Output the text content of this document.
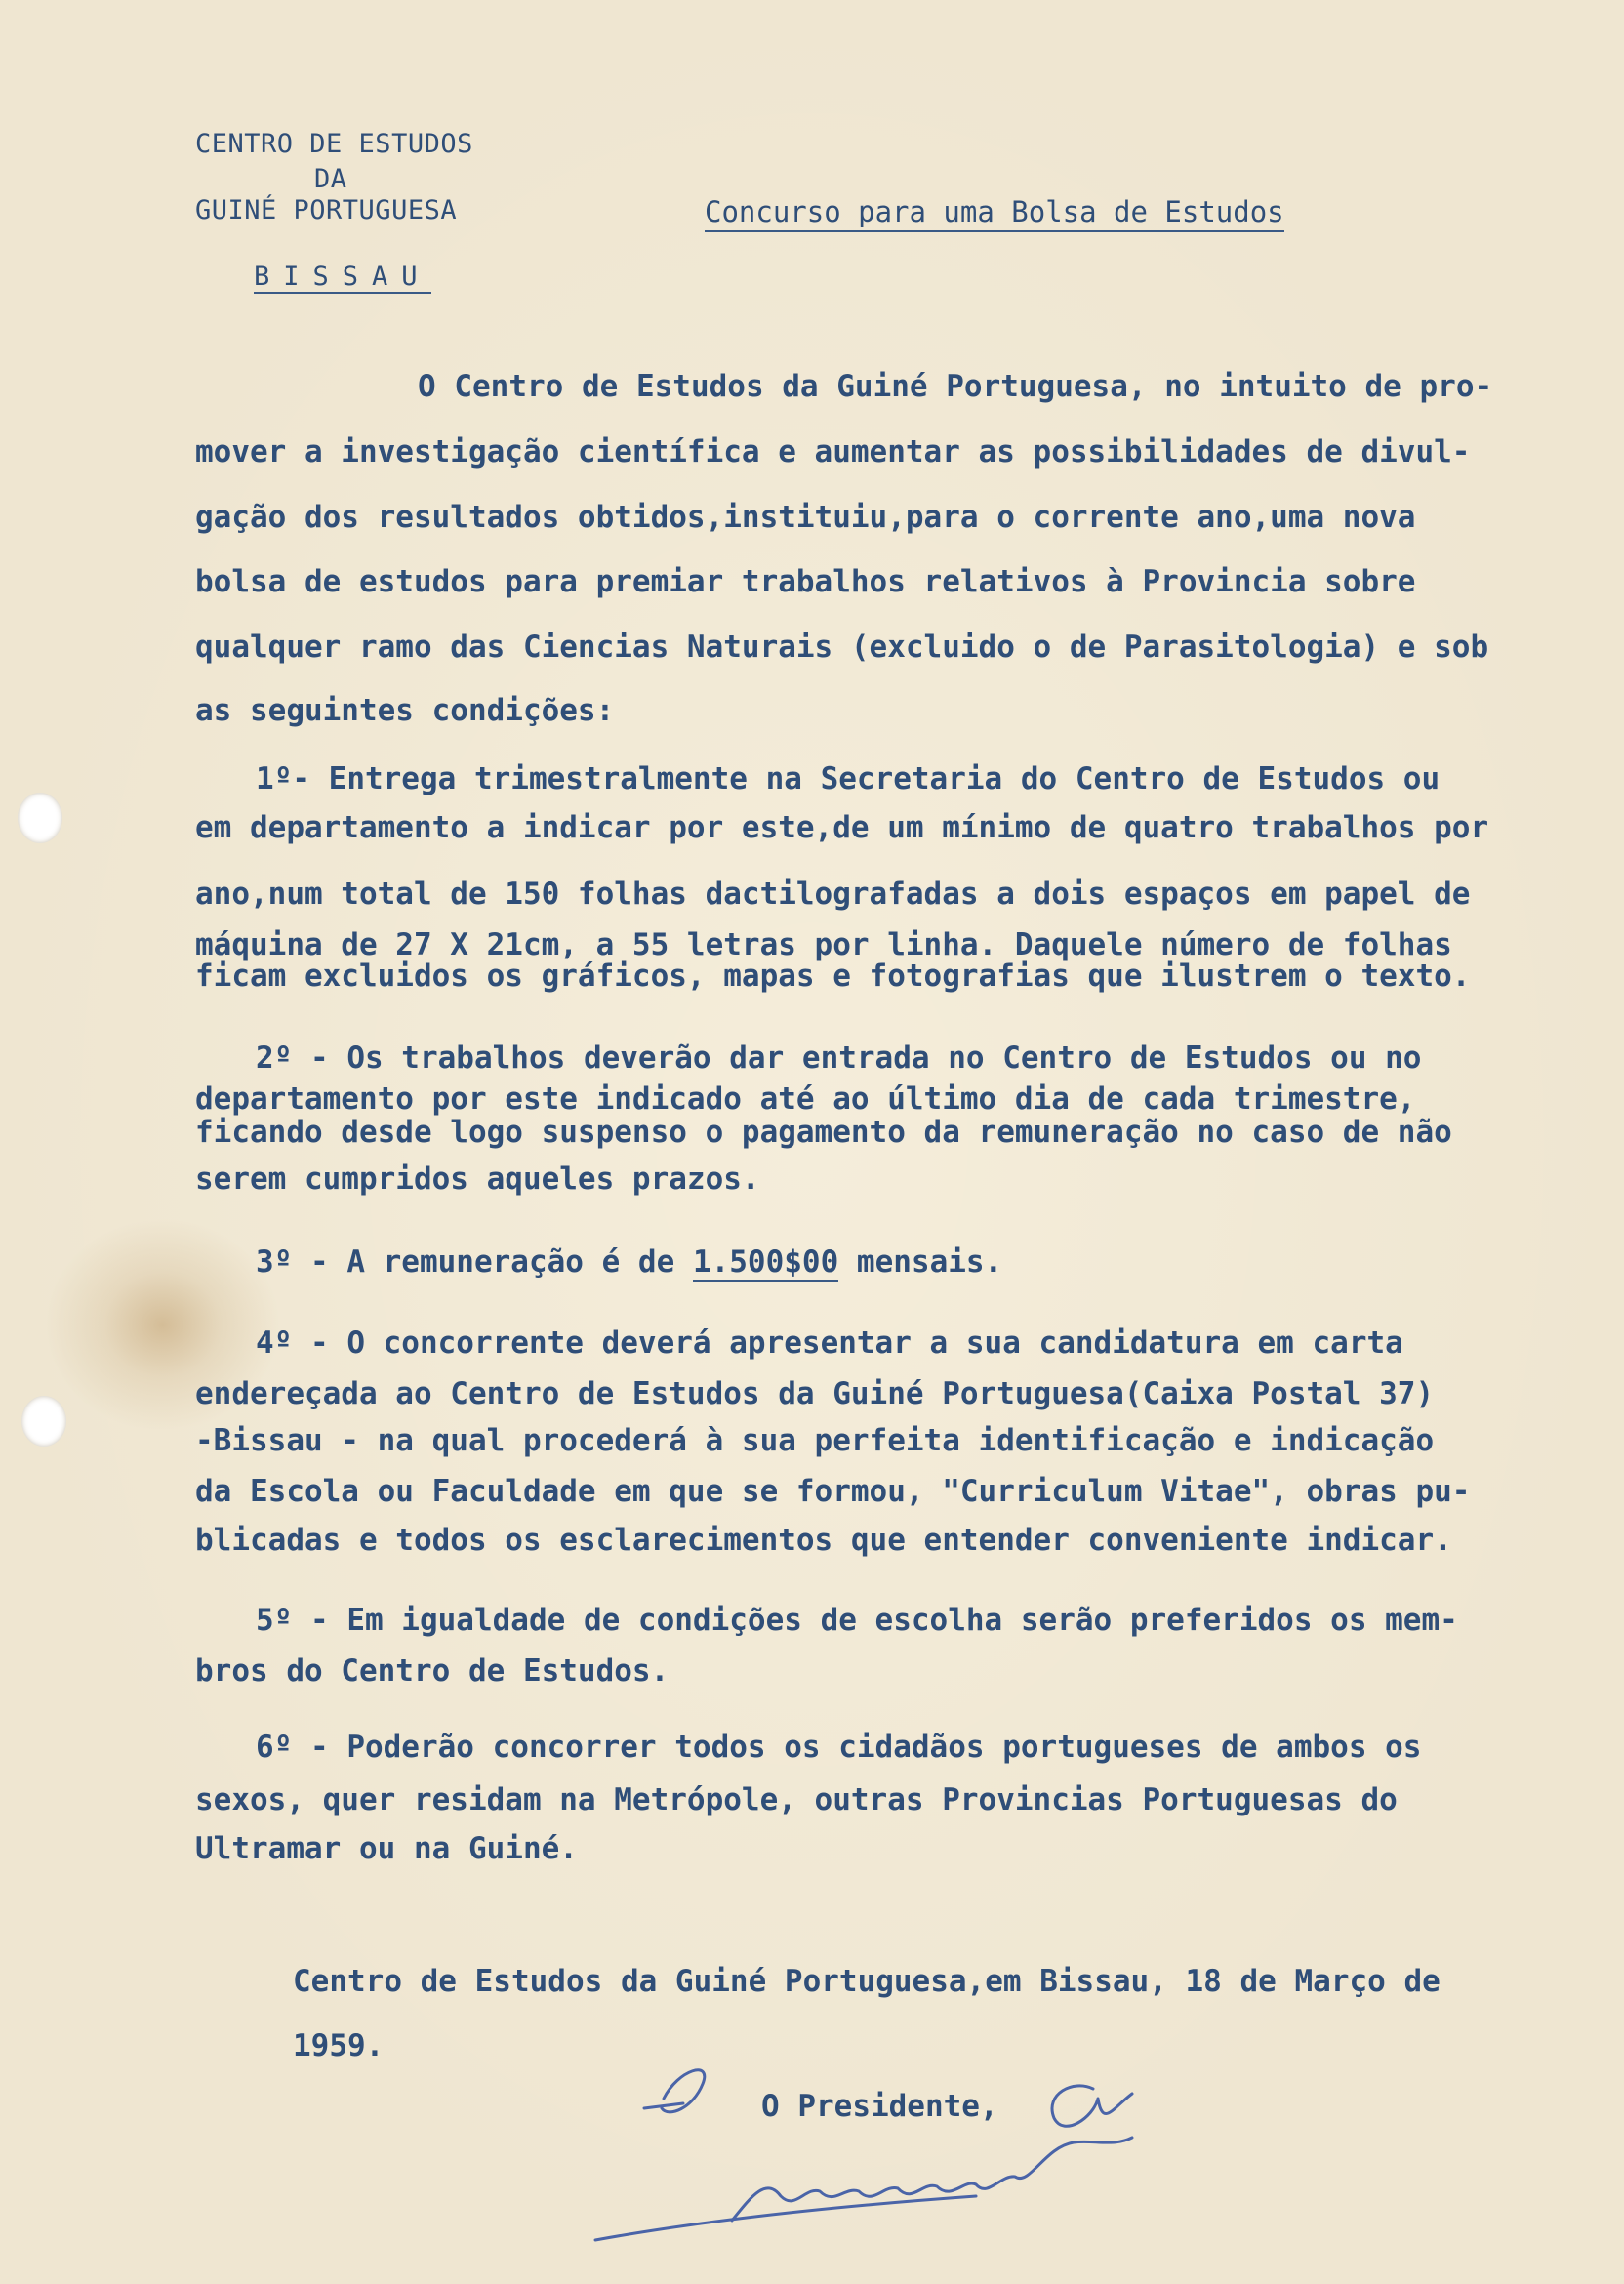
CENTRO DE ESTUDOS
DA
GUINÉ PORTUGUESA	Concurso para uma Bolsa de Estudos
BISSAU
O Centro de Estudos da Guiné Portuguesa, no intuito de pro-
mover a investigação científica e aumentar as possibilidades de divul-
gação dos resultados obtidos,instituiu,para o corrente ano,uma nova
bolsa de estudos para premiar trabalhos relativos à Provincia sobre
qualquer ramo das Ciencias Naturais (excluido o de Parasitologia) e sob
as seguintes condições:
1º- Entrega trimestralmente na Secretaria do Centro de Estudos ou
em departamento a indicar por este,de um mínimo de quatro trabalhos por
ano,num total de 150 folhas dactilografadas a dois espaços em papel de
máquina de 27 X 21cm, a 55 letras por linha. Daquele número de folhas
ficam excluidos os gráficos, mapas e fotografias que ilustrem o texto.
2º - Os trabalhos deverão dar entrada no Centro de Estudos ou no
departamento por este indicado até ao último dia de cada trimestre,
ficando desde logo suspenso o pagamento da remuneração no caso de não
serem cumpridos aqueles prazos.
3º - A remuneração é de 1.500$00 mensais.
4º - O concorrente deverá apresentar a sua candidatura em carta
endereçada ao Centro de Estudos da Guiné Portuguesa(Caixa Postal 37)
-Bissau - na qual procederá à sua perfeita identificação e indicação
da Escola ou Faculdade em que se formou, "Curriculum Vitae", obras pu-
blicadas e todos os esclarecimentos que entender conveniente indicar.
5º - Em igualdade de condições de escolha serão preferidos os mem-
bros do Centro de Estudos.
6º - Poderão concorrer todos os cidadãos portugueses de ambos os
sexos, quer residam na Metrópole, outras Provincias Portuguesas do
Ultramar ou na Guiné.
Centro de Estudos da Guiné Portuguesa,em Bissau, 18 de Março de
1959.
O Presidente,
